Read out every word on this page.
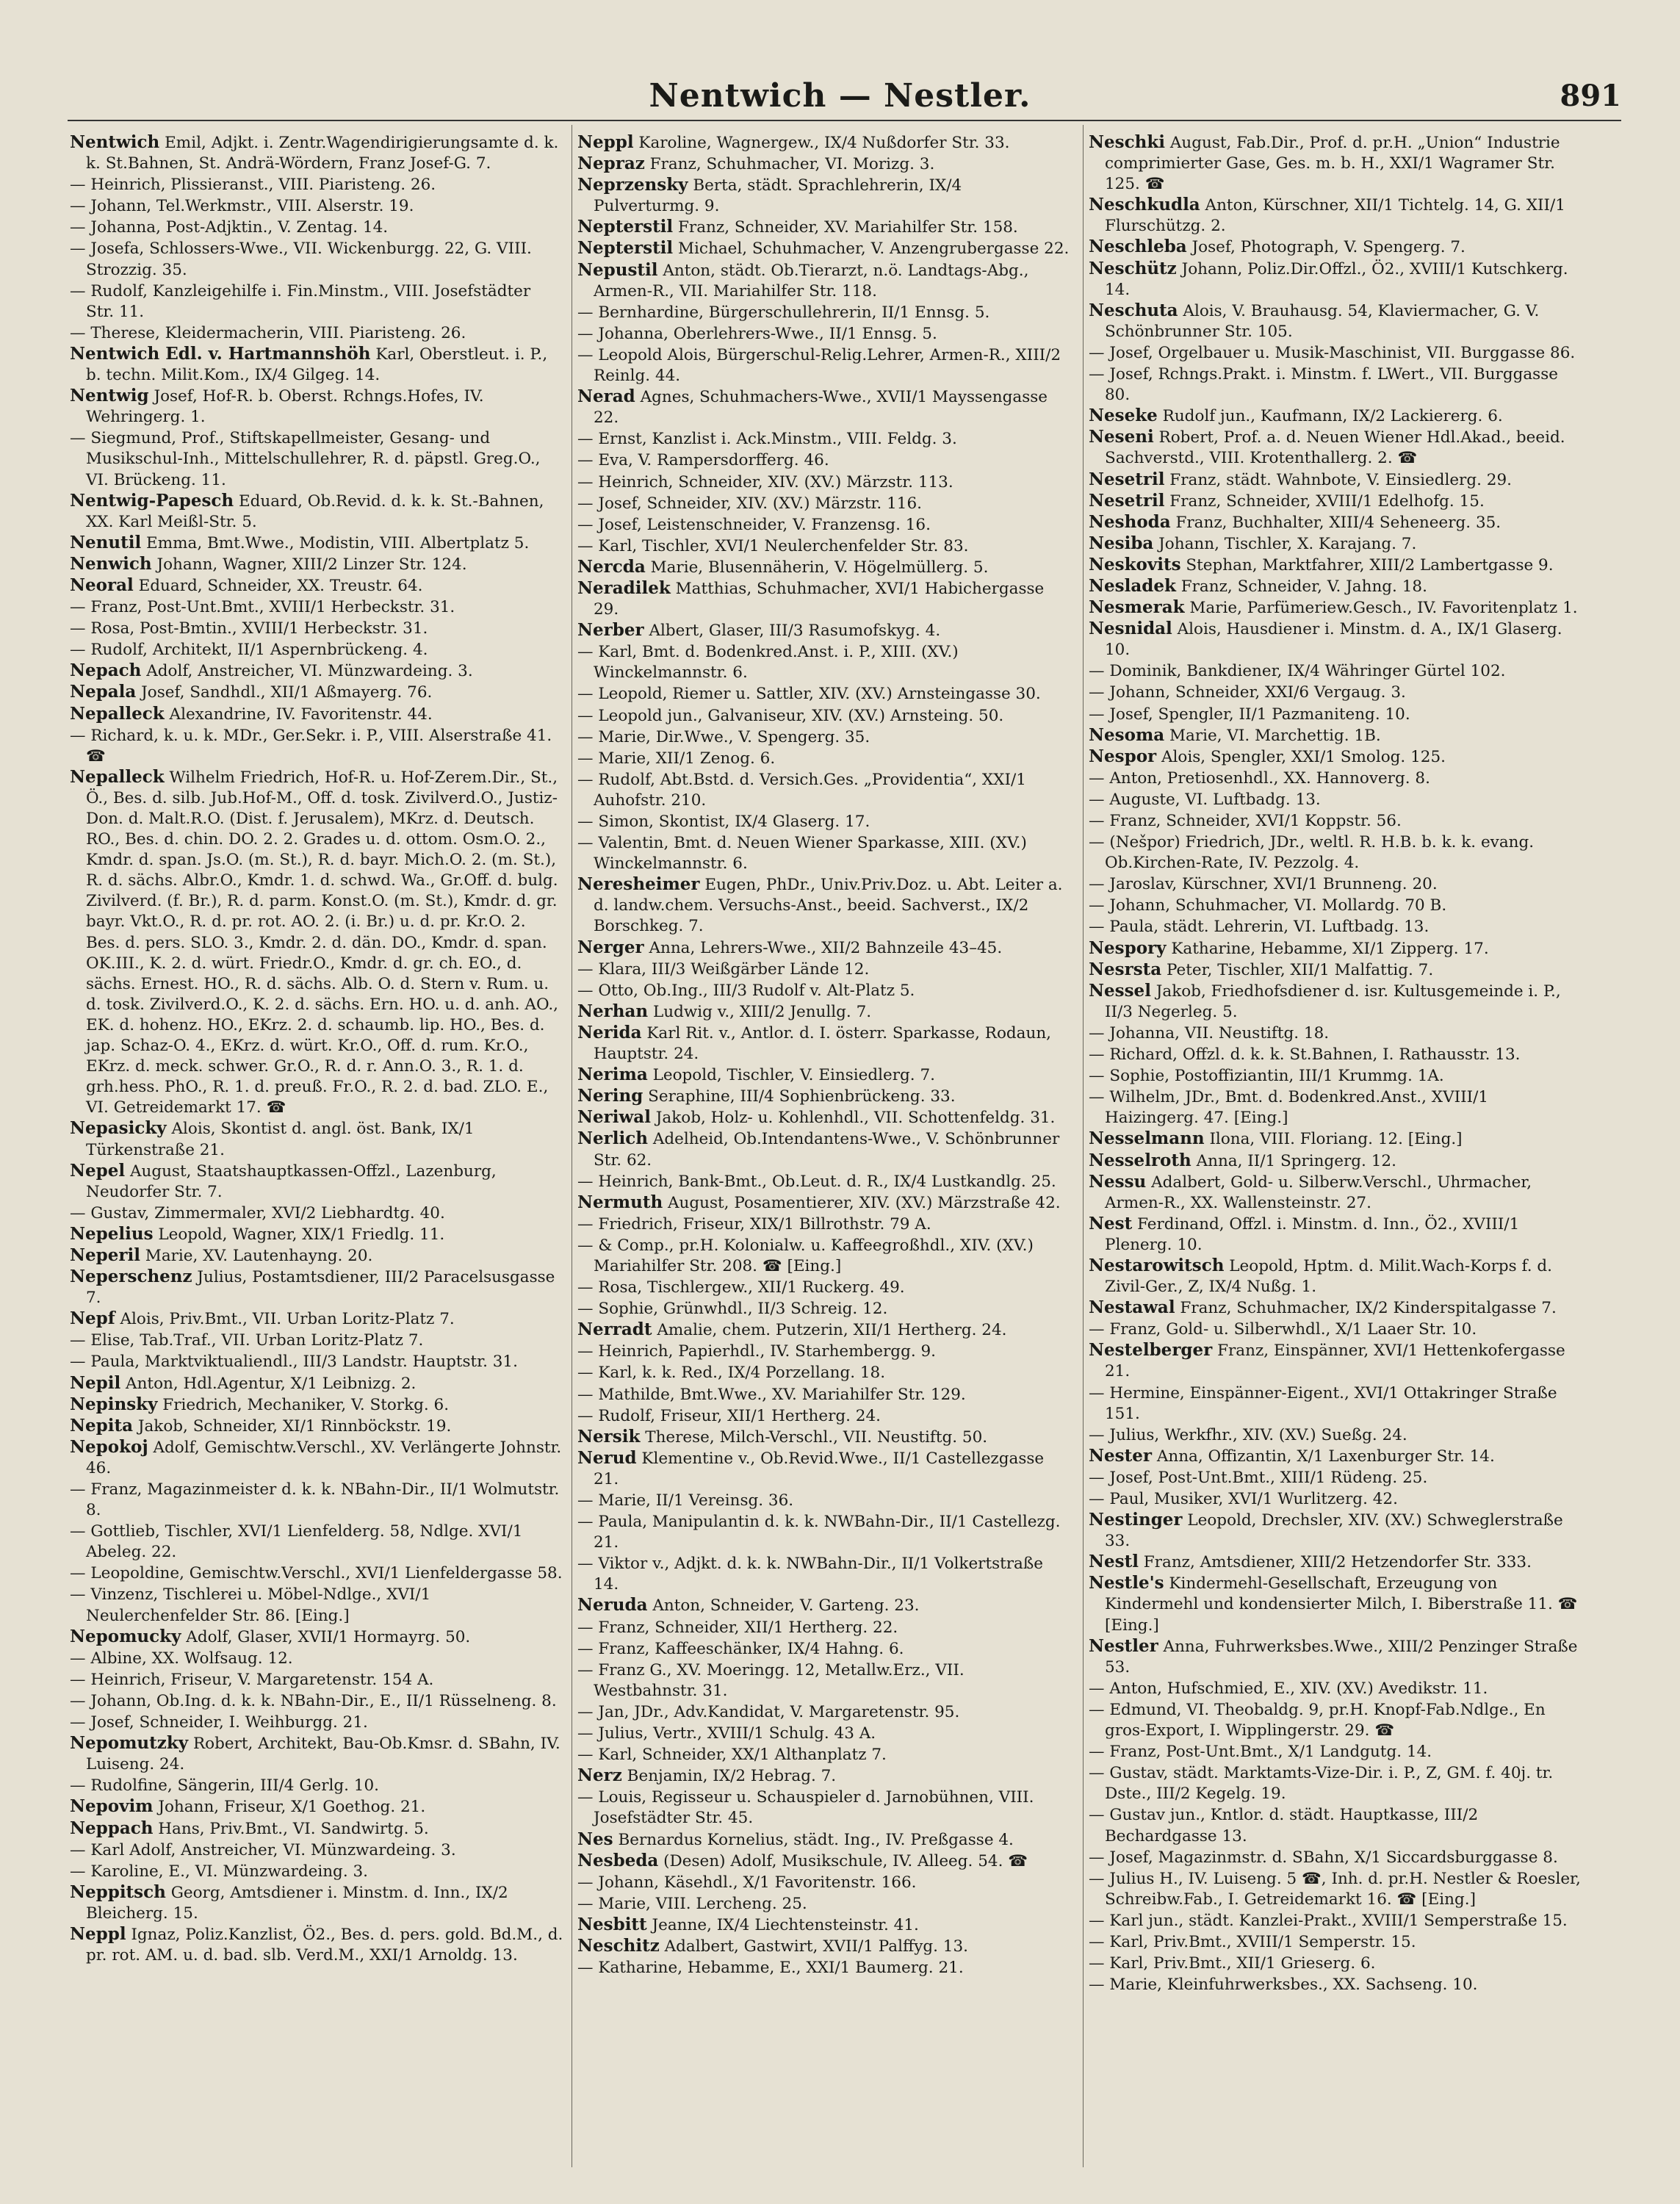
Nentwich — Nestler.	891

Nentwich Emil, Adjkt. i. Zentr.Wagendirigierungsamte d. k. k. St.Bahnen, St. Andrä-Wördern, Franz Josef-G. 7.

— Heinrich, Plissieranst., VIII. Piaristeng. 26.

— Johann, Tel.Werkmstr., VIII. Alserstr. 19.

— Johanna, Post-Adjktin., V. Zentag. 14.

— Josefa, Schlossers-Wwe., VII. Wickenburgg. 22, G. VIII. Strozzig. 35.

— Rudolf, Kanzleigehilfe i. Fin.Minstm., VIII. Josefstädter Str. 11.

— Therese, Kleidermacherin, VIII. Piaristeng. 26.

Nentwich Edl. v. Hartmannshöh Karl, Oberstleut. i. P., b. techn. Milit.Kom., IX/4 Gilgeg. 14.

Nentwig Josef, Hof-R. b. Oberst. Rchngs.Hofes, IV. Wehringerg. 1.

— Siegmund, Prof., Stiftskapellmeister, Gesang- und Musikschul-Inh., Mittelschullehrer, R. d. päpstl. Greg.O., VI. Brückeng. 11.

Nentwig-Papesch Eduard, Ob.Revid. d. k. k. St.-Bahnen, XX. Karl Meißl-Str. 5.

Nenutil Emma, Bmt.Wwe., Modistin, VIII. Albertplatz 5.

Nenwich Johann, Wagner, XIII/2 Linzer Str. 124.

Neoral Eduard, Schneider, XX. Treustr. 64.

— Franz, Post-Unt.Bmt., XVIII/1 Herbeckstr. 31.

— Rosa, Post-Bmtin., XVIII/1 Herbeckstr. 31.

— Rudolf, Architekt, II/1 Aspernbrückeng. 4.

Nepach Adolf, Anstreicher, VI. Münzwardeing. 3.

Nepala Josef, Sandhdl., XII/1 Aßmayerg. 76.

Nepalleck Alexandrine, IV. Favoritenstr. 44.

— Richard, k. u. k. MDr., Ger.Sekr. i. P., VIII. Alserstraße 41. ☎

Nepalleck Wilhelm Friedrich, Hof-R. u. Hof-Zerem.Dir., St., Ö., Bes. d. silb. Jub.Hof-M., Off. d. tosk. Zivilverd.O., Justiz-Don. d. Malt.R.O. (Dist. f. Jerusalem), MKrz. d. Deutsch. RO., Bes. d. chin. DO. 2. 2. Grades u. d. ottom. Osm.O. 2., Kmdr. d. span. Js.O. (m. St.), R. d. bayr. Mich.O. 2. (m. St.), R. d. sächs. Albr.O., Kmdr. 1. d. schwd. Wa., Gr.Off. d. bulg. Zivilverd. (f. Br.), R. d. parm. Konst.O. (m. St.), Kmdr. d. gr. bayr. Vkt.O., R. d. pr. rot. AO. 2. (i. Br.) u. d. pr. Kr.O. 2. Bes. d. pers. SLO. 3., Kmdr. 2. d. dän. DO., Kmdr. d. span. OK.III., K. 2. d. würt. Friedr.O., Kmdr. d. gr. ch. EO., d. sächs. Ernest. HO., R. d. sächs. Alb. O. d. Stern v. Rum. u. d. tosk. Zivilverd.O., K. 2. d. sächs. Ern. HO. u. d. anh. AO., EK. d. hohenz. HO., EKrz. 2. d. schaumb. lip. HO., Bes. d. jap. Schaz-O. 4., EKrz. d. würt. Kr.O., Off. d. rum. Kr.O., EKrz. d. meck. schwer. Gr.O., R. d. r. Ann.O. 3., R. 1. d. grh.hess. PhO., R. 1. d. preuß. Fr.O., R. 2. d. bad. ZLO. E., VI. Getreidemarkt 17. ☎

Nepasicky Alois, Skontist d. angl. öst. Bank, IX/1 Türkenstraße 21.

Nepel August, Staatshauptkassen-Offzl., Lazenburg, Neudorfer Str. 7.

— Gustav, Zimmermaler, XVI/2 Liebhardtg. 40.

Nepelius Leopold, Wagner, XIX/1 Friedlg. 11.

Neperil Marie, XV. Lautenhayng. 20.

Neperschenz Julius, Postamtsdiener, III/2 Paracelsusgasse 7.

Nepf Alois, Priv.Bmt., VII. Urban Loritz-Platz 7.

— Elise, Tab.Traf., VII. Urban Loritz-Platz 7.

— Paula, Marktviktualiendl., III/3 Landstr. Hauptstr. 31.

Nepil Anton, Hdl.Agentur, X/1 Leibnizg. 2.

Nepinsky Friedrich, Mechaniker, V. Storkg. 6.

Nepita Jakob, Schneider, XI/1 Rinnböckstr. 19.

Nepokoj Adolf, Gemischtw.Verschl., XV. Verlängerte Johnstr. 46.

— Franz, Magazinmeister d. k. k. NBahn-Dir., II/1 Wolmutstr. 8.

— Gottlieb, Tischler, XVI/1 Lienfelderg. 58, Ndlge. XVI/1 Abeleg. 22.

— Leopoldine, Gemischtw.Verschl., XVI/1 Lienfeldergasse 58.

— Vinzenz, Tischlerei u. Möbel-Ndlge., XVI/1 Neulerchenfelder Str. 86. [Eing.]

Nepomucky Adolf, Glaser, XVII/1 Hormayrg. 50.

— Albine, XX. Wolfsaug. 12.

— Heinrich, Friseur, V. Margaretenstr. 154 A.

— Johann, Ob.Ing. d. k. k. NBahn-Dir., E., II/1 Rüsselneng. 8.

— Josef, Schneider, I. Weihburgg. 21.

Nepomutzky Robert, Architekt, Bau-Ob.Kmsr. d. SBahn, IV. Luiseng. 24.

— Rudolfine, Sängerin, III/4 Gerlg. 10.

Nepovim Johann, Friseur, X/1 Goethog. 21.

Neppach Hans, Priv.Bmt., VI. Sandwirtg. 5.

— Karl Adolf, Anstreicher, VI. Münzwardeing. 3.

— Karoline, E., VI. Münzwardeing. 3.

Neppitsch Georg, Amtsdiener i. Minstm. d. Inn., IX/2 Bleicherg. 15.

Neppl Ignaz, Poliz.Kanzlist, Ö2., Bes. d. pers. gold. Bd.M., d. pr. rot. AM. u. d. bad. slb. Verd.M., XXI/1 Arnoldg. 13.

Neppl Karoline, Wagnergew., IX/4 Nußdorfer Str. 33.

Nepraz Franz, Schuhmacher, VI. Morizg. 3.

Neprzensky Berta, städt. Sprachlehrerin, IX/4 Pulverturmg. 9.

Nepterstil Franz, Schneider, XV. Mariahilfer Str. 158.

Nepterstil Michael, Schuhmacher, V. Anzengrubergasse 22.

Nepustil Anton, städt. Ob.Tierarzt, n.ö. Landtags-Abg., Armen-R., VII. Mariahilfer Str. 118.

— Bernhardine, Bürgerschullehrerin, II/1 Ennsg. 5.

— Johanna, Oberlehrers-Wwe., II/1 Ennsg. 5.

— Leopold Alois, Bürgerschul-Relig.Lehrer, Armen-R., XIII/2 Reinlg. 44.

Nerad Agnes, Schuhmachers-Wwe., XVII/1 Mayssengasse 22.

— Ernst, Kanzlist i. Ack.Minstm., VIII. Feldg. 3.

— Eva, V. Rampersdorfferg. 46.

— Heinrich, Schneider, XIV. (XV.) Märzstr. 113.

— Josef, Schneider, XIV. (XV.) Märzstr. 116.

— Josef, Leistenschneider, V. Franzensg. 16.

— Karl, Tischler, XVI/1 Neulerchenfelder Str. 83.

Nercda Marie, Blusennäherin, V. Högelmüllerg. 5.

Neradilek Matthias, Schuhmacher, XVI/1 Habichergasse 29.

Nerber Albert, Glaser, III/3 Rasumofskyg. 4.

— Karl, Bmt. d. Bodenkred.Anst. i. P., XIII. (XV.) Winckelmannstr. 6.

— Leopold, Riemer u. Sattler, XIV. (XV.) Arnsteingasse 30.

— Leopold jun., Galvaniseur, XIV. (XV.) Arnsteing. 50.

— Marie, Dir.Wwe., V. Spengerg. 35.

— Marie, XII/1 Zenog. 6.

— Rudolf, Abt.Bstd. d. Versich.Ges. „Providentia“, XXI/1 Auhofstr. 210.

— Simon, Skontist, IX/4 Glaserg. 17.

— Valentin, Bmt. d. Neuen Wiener Sparkasse, XIII. (XV.) Winckelmannstr. 6.

Neresheimer Eugen, PhDr., Univ.Priv.Doz. u. Abt. Leiter a. d. landw.chem. Versuchs-Anst., beeid. Sachverst., IX/2 Borschkeg. 7.

Nerger Anna, Lehrers-Wwe., XII/2 Bahnzeile 43–45.

— Klara, III/3 Weißgärber Lände 12.

— Otto, Ob.Ing., III/3 Rudolf v. Alt-Platz 5.

Nerhan Ludwig v., XIII/2 Jenullg. 7.

Nerida Karl Rit. v., Antlor. d. I. österr. Sparkasse, Rodaun, Hauptstr. 24.

Nerima Leopold, Tischler, V. Einsiedlerg. 7.

Nering Seraphine, III/4 Sophienbrückeng. 33.

Neriwal Jakob, Holz- u. Kohlenhdl., VII. Schottenfeldg. 31.

Nerlich Adelheid, Ob.Intendantens-Wwe., V. Schönbrunner Str. 62.

— Heinrich, Bank-Bmt., Ob.Leut. d. R., IX/4 Lustkandlg. 25.

Nermuth August, Posamentierer, XIV. (XV.) Märzstraße 42.

— Friedrich, Friseur, XIX/1 Billrothstr. 79 A.

— & Comp., pr.H. Kolonialw. u. Kaffeegroßhdl., XIV. (XV.) Mariahilfer Str. 208. ☎ [Eing.]

— Rosa, Tischlergew., XII/1 Ruckerg. 49.

— Sophie, Grünwhdl., II/3 Schreig. 12.

Nerradt Amalie, chem. Putzerin, XII/1 Hertherg. 24.

— Heinrich, Papierhdl., IV. Starhembergg. 9.

— Karl, k. k. Red., IX/4 Porzellang. 18.

— Mathilde, Bmt.Wwe., XV. Mariahilfer Str. 129.

— Rudolf, Friseur, XII/1 Hertherg. 24.

Nersik Therese, Milch-Verschl., VII. Neustiftg. 50.

Nerud Klementine v., Ob.Revid.Wwe., II/1 Castellezgasse 21.

— Marie, II/1 Vereinsg. 36.

— Paula, Manipulantin d. k. k. NWBahn-Dir., II/1 Castellezg. 21.

— Viktor v., Adjkt. d. k. k. NWBahn-Dir., II/1 Volkertstraße 14.

Neruda Anton, Schneider, V. Garteng. 23.

— Franz, Schneider, XII/1 Hertherg. 22.

— Franz, Kaffeeschänker, IX/4 Hahng. 6.

— Franz G., XV. Moeringg. 12, Metallw.Erz., VII. Westbahnstr. 31.

— Jan, JDr., Adv.Kandidat, V. Margaretenstr. 95.

— Julius, Vertr., XVIII/1 Schulg. 43 A.

— Karl, Schneider, XX/1 Althanplatz 7.

Nerz Benjamin, IX/2 Hebrag. 7.

— Louis, Regisseur u. Schauspieler d. Jarnobühnen, VIII. Josefstädter Str. 45.

Nes Bernardus Kornelius, städt. Ing., IV. Preßgasse 4.

Nesbeda (Desen) Adolf, Musikschule, IV. Alleeg. 54. ☎

— Johann, Käsehdl., X/1 Favoritenstr. 166.

— Marie, VIII. Lercheng. 25.

Nesbitt Jeanne, IX/4 Liechtensteinstr. 41.

Neschitz Adalbert, Gastwirt, XVII/1 Palffyg. 13.

— Katharine, Hebamme, E., XXI/1 Baumerg. 21.

Neschki August, Fab.Dir., Prof. d. pr.H. „Union“ Industrie comprimierter Gase, Ges. m. b. H., XXI/1 Wagramer Str. 125. ☎

Neschkudla Anton, Kürschner, XII/1 Tichtelg. 14, G. XII/1 Flurschützg. 2.

Neschleba Josef, Photograph, V. Spengerg. 7.

Neschütz Johann, Poliz.Dir.Offzl., Ö2., XVIII/1 Kutschkerg. 14.

Neschuta Alois, V. Brauhausg. 54, Klaviermacher, G. V. Schönbrunner Str. 105.

— Josef, Orgelbauer u. Musik-Maschinist, VII. Burggasse 86.

— Josef, Rchngs.Prakt. i. Minstm. f. LWert., VII. Burggasse 80.

Neseke Rudolf jun., Kaufmann, IX/2 Lackiererg. 6.

Neseni Robert, Prof. a. d. Neuen Wiener Hdl.Akad., beeid. Sachverstd., VIII. Krotenthallerg. 2. ☎

Nesetril Franz, städt. Wahnbote, V. Einsiedlerg. 29.

Nesetril Franz, Schneider, XVIII/1 Edelhofg. 15.

Neshoda Franz, Buchhalter, XIII/4 Seheneerg. 35.

Nesiba Johann, Tischler, X. Karajang. 7.

Neskovits Stephan, Marktfahrer, XIII/2 Lambertgasse 9.

Nesladek Franz, Schneider, V. Jahng. 18.

Nesmerak Marie, Parfümeriew.Gesch., IV. Favoritenplatz 1.

Nesnidal Alois, Hausdiener i. Minstm. d. A., IX/1 Glaserg. 10.

— Dominik, Bankdiener, IX/4 Währinger Gürtel 102.

— Johann, Schneider, XXI/6 Vergaug. 3.

— Josef, Spengler, II/1 Pazmaniteng. 10.

Nesoma Marie, VI. Marchettig. 1B.

Nespor Alois, Spengler, XXI/1 Smolog. 125.

— Anton, Pretiosenhdl., XX. Hannoverg. 8.

— Auguste, VI. Luftbadg. 13.

— Franz, Schneider, XVI/1 Koppstr. 56.

— (Nešpor) Friedrich, JDr., weltl. R. H.B. b. k. k. evang. Ob.Kirchen-Rate, IV. Pezzolg. 4.

— Jaroslav, Kürschner, XVI/1 Brunneng. 20.

— Johann, Schuhmacher, VI. Mollardg. 70 B.

— Paula, städt. Lehrerin, VI. Luftbadg. 13.

Nespory Katharine, Hebamme, XI/1 Zipperg. 17.

Nesrsta Peter, Tischler, XII/1 Malfattig. 7.

Nessel Jakob, Friedhofsdiener d. isr. Kultusgemeinde i. P., II/3 Negerleg. 5.

— Johanna, VII. Neustiftg. 18.

— Richard, Offzl. d. k. k. St.Bahnen, I. Rathausstr. 13.

— Sophie, Postoffiziantin, III/1 Krummg. 1A.

— Wilhelm, JDr., Bmt. d. Bodenkred.Anst., XVIII/1 Haizingerg. 47. [Eing.]

Nesselmann Ilona, VIII. Floriang. 12. [Eing.]

Nesselroth Anna, II/1 Springerg. 12.

Nessu Adalbert, Gold- u. Silberw.Verschl., Uhrmacher, Armen-R., XX. Wallensteinstr. 27.

Nest Ferdinand, Offzl. i. Minstm. d. Inn., Ö2., XVIII/1 Plenerg. 10.

Nestarowitsch Leopold, Hptm. d. Milit.Wach-Korps f. d. Zivil-Ger., Z, IX/4 Nußg. 1.

Nestawal Franz, Schuhmacher, IX/2 Kinderspitalgasse 7.

— Franz, Gold- u. Silberwhdl., X/1 Laaer Str. 10.

Nestelberger Franz, Einspänner, XVI/1 Hettenkofergasse 21.

— Hermine, Einspänner-Eigent., XVI/1 Ottakringer Straße 151.

— Julius, Werkfhr., XIV. (XV.) Sueßg. 24.

Nester Anna, Offizantin, X/1 Laxenburger Str. 14.

— Josef, Post-Unt.Bmt., XIII/1 Rüdeng. 25.

— Paul, Musiker, XVI/1 Wurlitzerg. 42.

Nestinger Leopold, Drechsler, XIV. (XV.) Schweglerstraße 33.

Nestl Franz, Amtsdiener, XIII/2 Hetzendorfer Str. 333.

Nestle's Kindermehl-Gesellschaft, Erzeugung von Kindermehl und kondensierter Milch, I. Biberstraße 11. ☎ [Eing.]

Nestler Anna, Fuhrwerksbes.Wwe., XIII/2 Penzinger Straße 53.

— Anton, Hufschmied, E., XIV. (XV.) Avedikstr. 11.

— Edmund, VI. Theobaldg. 9, pr.H. Knopf-Fab.Ndlge., En gros-Export, I. Wipplingerstr. 29. ☎

— Franz, Post-Unt.Bmt., X/1 Landgutg. 14.

— Gustav, städt. Marktamts-Vize-Dir. i. P., Z, GM. f. 40j. tr. Dste., III/2 Kegelg. 19.

— Gustav jun., Kntlor. d. städt. Hauptkasse, III/2 Bechardgasse 13.

— Josef, Magazinmstr. d. SBahn, X/1 Siccardsburggasse 8.

— Julius H., IV. Luiseng. 5 ☎, Inh. d. pr.H. Nestler & Roesler, Schreibw.Fab., I. Getreidemarkt 16. ☎ [Eing.]

— Karl jun., städt. Kanzlei-Prakt., XVIII/1 Semperstraße 15.

— Karl, Priv.Bmt., XVIII/1 Semperstr. 15.

— Karl, Priv.Bmt., XII/1 Grieserg. 6.

— Marie, Kleinfuhrwerksbes., XX. Sachseng. 10.
